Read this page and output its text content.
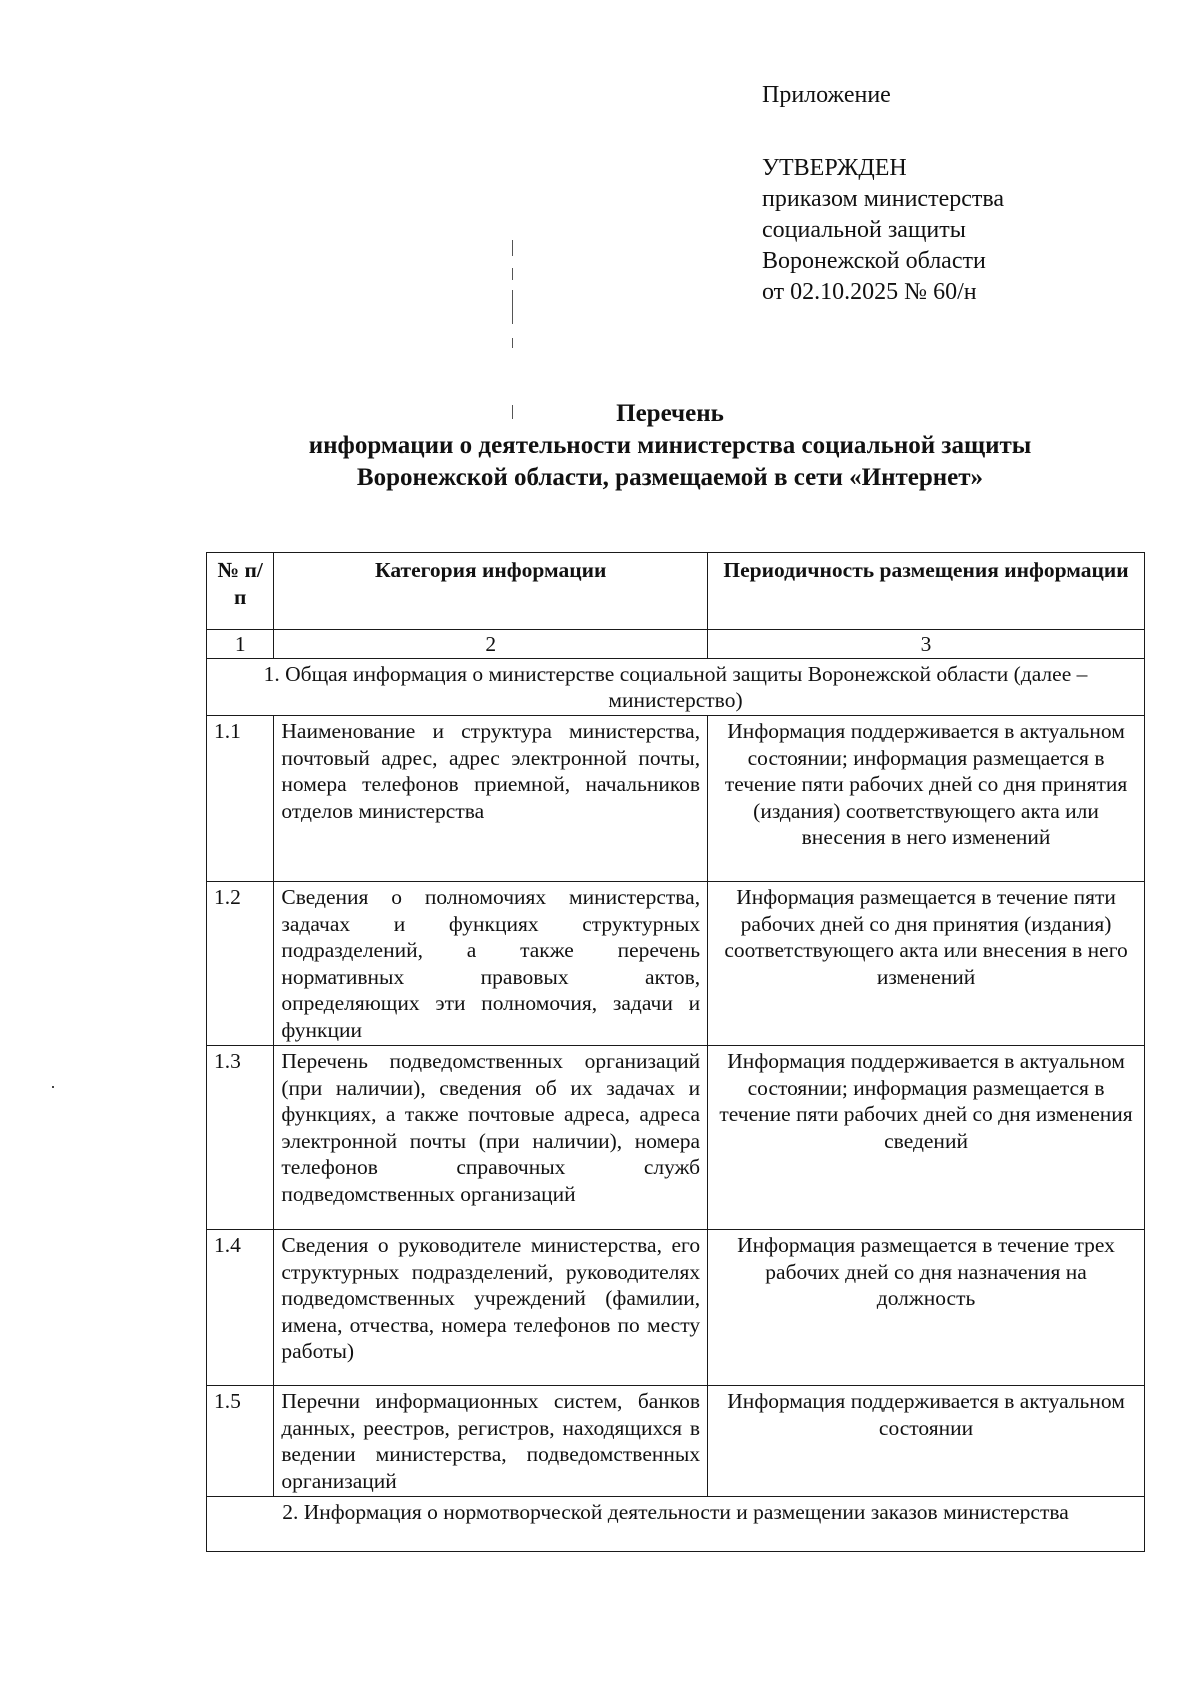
Приложение
УТВЕРЖДЕН
приказом министерства
социальной защиты
Воронежской области
от 02.10.2025 № 60/н
Перечень
информации о деятельности министерства социальной защиты
Воронежской области, размещаемой в сети «Интернет»
№ п/п	Категория информации	Периодичность размещения информации
1	2	3
1. Общая информация о министерстве социальной защиты Воронежской области (далее – министерство)		
1.1	Наименование и структура министерства, почтовый адрес, адрес электронной почты, номера телефонов приемной, начальников отделов министерства	Информация поддерживается в актуальном состоянии; информация размещается в течение пяти рабочих дней со дня принятия (издания) соответствующего акта или внесения в него изменений
1.2	Сведения о полномочиях министерства, задачах и функциях структурных подразделений, а также перечень нормативных правовых актов, определяющих эти полномочия, задачи и функции	Информация размещается в течение пяти рабочих дней со дня принятия (издания) соответствующего акта или внесения в него изменений
1.3	Перечень подведомственных организаций (при наличии), сведения об их задачах и функциях, а также почтовые адреса, адреса электронной почты (при наличии), номера телефонов справочных служб подведомственных организаций	Информация поддерживается в актуальном состоянии; информация размещается в течение пяти рабочих дней со дня изменения сведений
1.4	Сведения о руководителе министерства, его структурных подразделений, руководителях подведомственных учреждений (фамилии, имена, отчества, номера телефонов по месту работы)	Информация размещается в течение трех рабочих дней со дня назначения на должность
1.5	Перечни информационных систем, банков данных, реестров, регистров, находящихся в ведении министерства, подведомственных организаций	Информация поддерживается в актуальном состоянии
2. Информация о нормотворческой деятельности и размещении заказов министерства		
